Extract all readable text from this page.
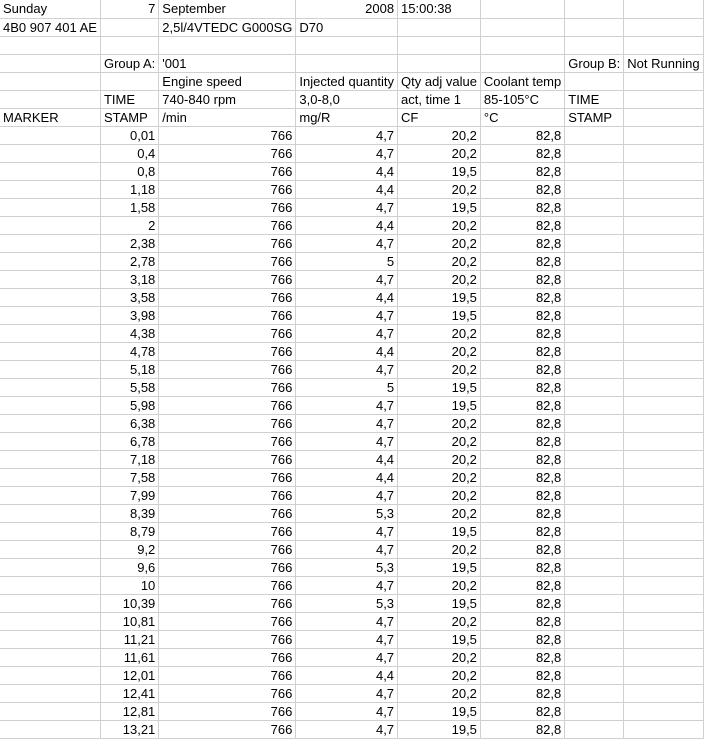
Sunday	7	September	2008	15:00:38			
4B0 907 401 AE		2,5l/4VTEDC G000SG	D70				

	Group A:	'001				Group B:	Not Running
		Engine speed	Injected quantity	Qty adj value	Coolant temp		
	TIME	740-840 rpm	3,0-8,0	act, time 1	85-105°C	TIME	
MARKER	STAMP	/min	mg/R	CF	°C	STAMP	
	0,01	766	4,7	20,2	82,8		
	0,4	766	4,7	20,2	82,8		
	0,8	766	4,4	19,5	82,8		
	1,18	766	4,4	20,2	82,8		
	1,58	766	4,7	19,5	82,8		
	2	766	4,4	20,2	82,8		
	2,38	766	4,7	20,2	82,8		
	2,78	766	5	20,2	82,8		
	3,18	766	4,7	20,2	82,8		
	3,58	766	4,4	19,5	82,8		
	3,98	766	4,7	19,5	82,8		
	4,38	766	4,7	20,2	82,8		
	4,78	766	4,4	20,2	82,8		
	5,18	766	4,7	20,2	82,8		
	5,58	766	5	19,5	82,8		
	5,98	766	4,7	19,5	82,8		
	6,38	766	4,7	20,2	82,8		
	6,78	766	4,7	20,2	82,8		
	7,18	766	4,4	20,2	82,8		
	7,58	766	4,4	20,2	82,8		
	7,99	766	4,7	20,2	82,8		
	8,39	766	5,3	20,2	82,8		
	8,79	766	4,7	19,5	82,8		
	9,2	766	4,7	20,2	82,8		
	9,6	766	5,3	19,5	82,8		
	10	766	4,7	20,2	82,8		
	10,39	766	5,3	19,5	82,8		
	10,81	766	4,7	20,2	82,8		
	11,21	766	4,7	19,5	82,8		
	11,61	766	4,7	20,2	82,8		
	12,01	766	4,4	20,2	82,8		
	12,41	766	4,7	20,2	82,8		
	12,81	766	4,7	19,5	82,8		
	13,21	766	4,7	19,5	82,8		
